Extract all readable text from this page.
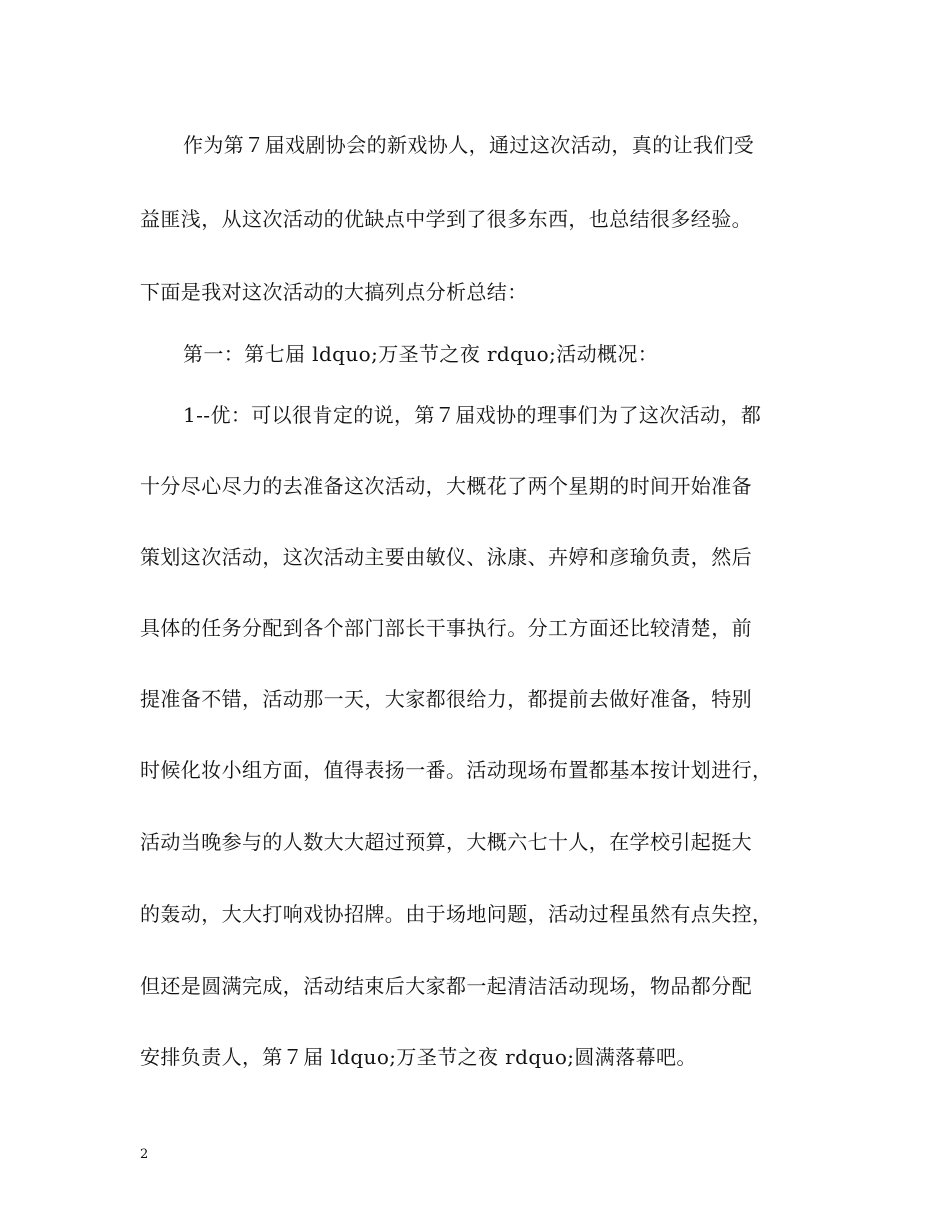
作为第７届戏剧协会的新戏协人，通过这次活动，真的让我们受
益匪浅，从这次活动的优缺点中学到了很多东西，也总结很多经验。
下面是我对这次活动的大搞列点分析总结：
第一：第七届 ldquo;万圣节之夜 rdquo;活动概况：
1--优：可以很肯定的说，第７届戏协的理事们为了这次活动，都
十分尽心尽力的去准备这次活动，大概花了两个星期的时间开始准备
策划这次活动，这次活动主要由敏仪、泳康、卉婷和彦瑜负责，然后
具体的任务分配到各个部门部长干事执行。分工方面还比较清楚，前
提准备不错，活动那一天，大家都很给力，都提前去做好准备，特别
时候化妆小组方面，值得表扬一番。活动现场布置都基本按计划进行，
活动当晚参与的人数大大超过预算，大概六七十人，在学校引起挺大
的轰动，大大打响戏协招牌。由于场地问题，活动过程虽然有点失控，
但还是圆满完成，活动结束后大家都一起清洁活动现场，物品都分配
安排负责人，第７届 ldquo;万圣节之夜 rdquo;圆满落幕吧。
2
